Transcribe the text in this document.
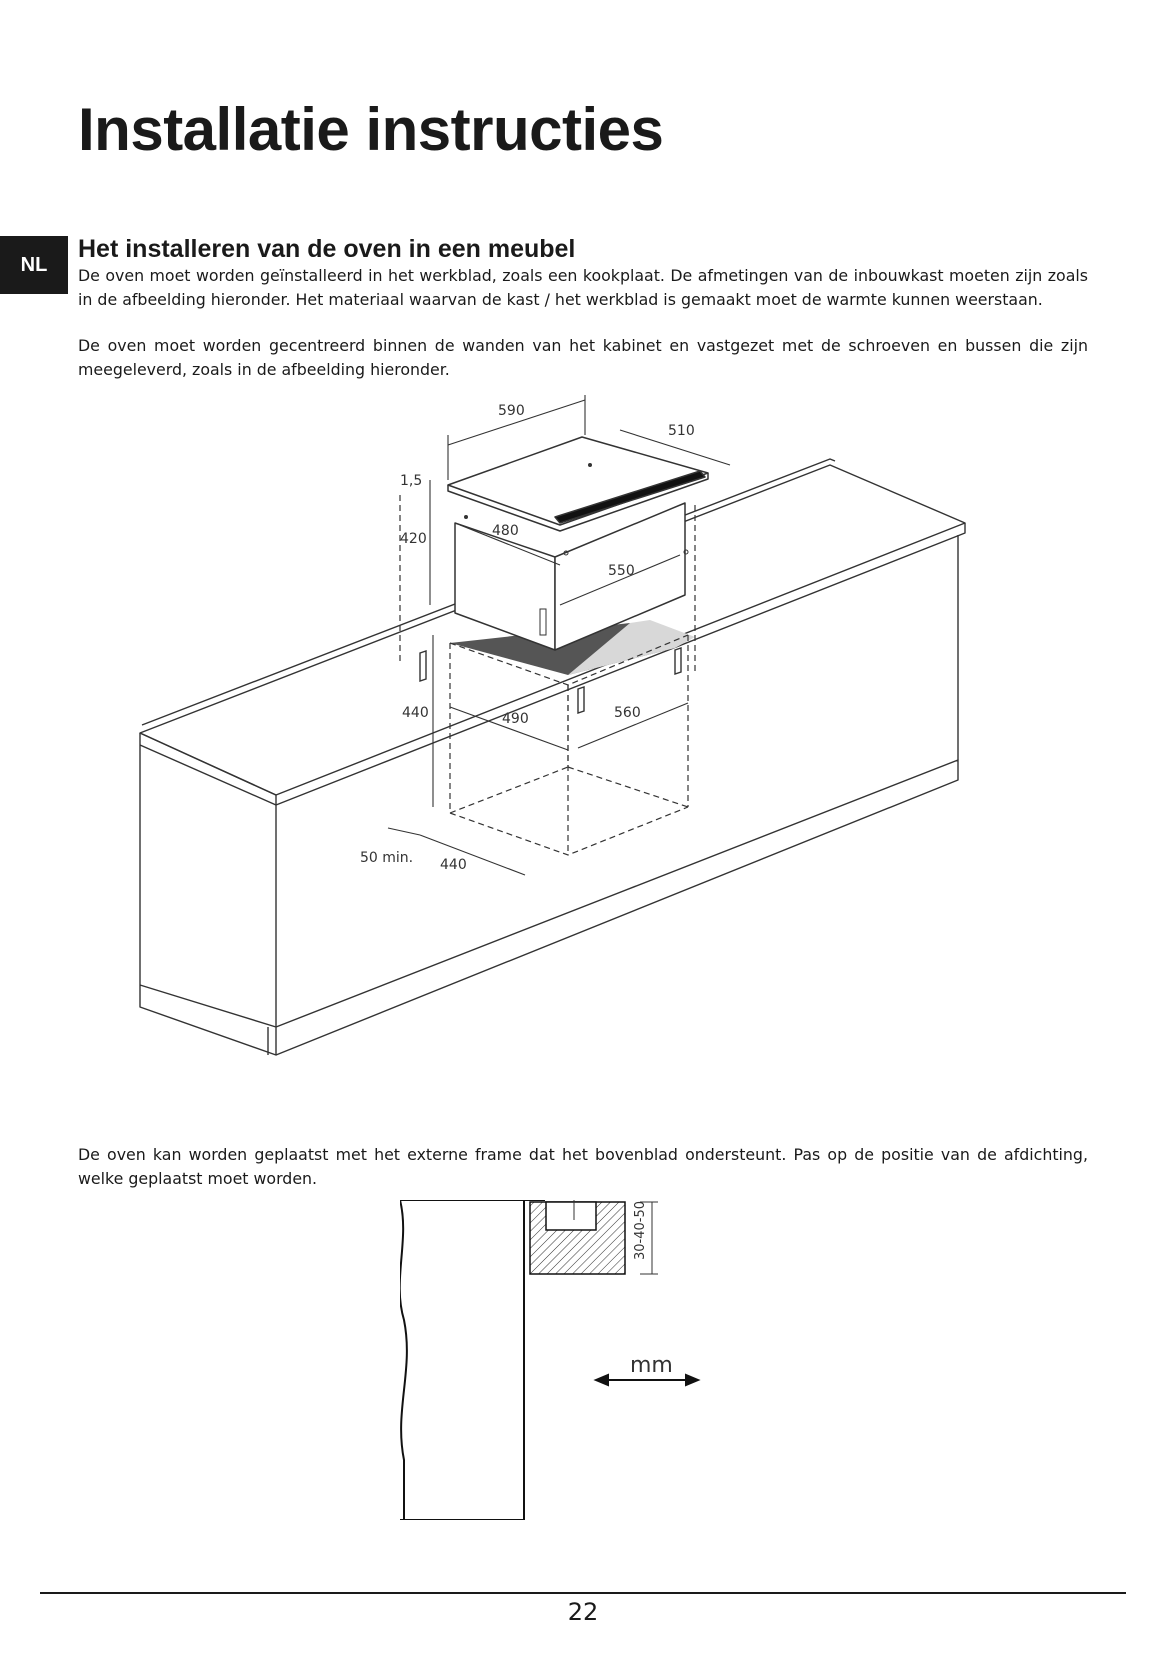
Installatie instructies
NL
Het installeren van de oven in een meubel

De oven moet worden geïnstalleerd in het werkblad, zoals een kookplaat. De afmetingen van de inbouwkast moeten zijn zoals in de afbeelding hieronder. Het materiaal waarvan de kast / het werkblad is gemaakt moet de warmte kunnen weerstaan.

De oven moet worden gecentreerd binnen de wanden van het kabinet en vastgezet met de schroeven en bussen die zijn meegeleverd, zoals in de afbeelding hieronder.

590
510
1,5
420	480
550
440	490	560
50 min. 440

De oven kan worden geplaatst met het externe frame dat het bovenblad ondersteunt. Pas op de positie van de afdichting, welke geplaatst moet worden.

30-40-50
mm
22
